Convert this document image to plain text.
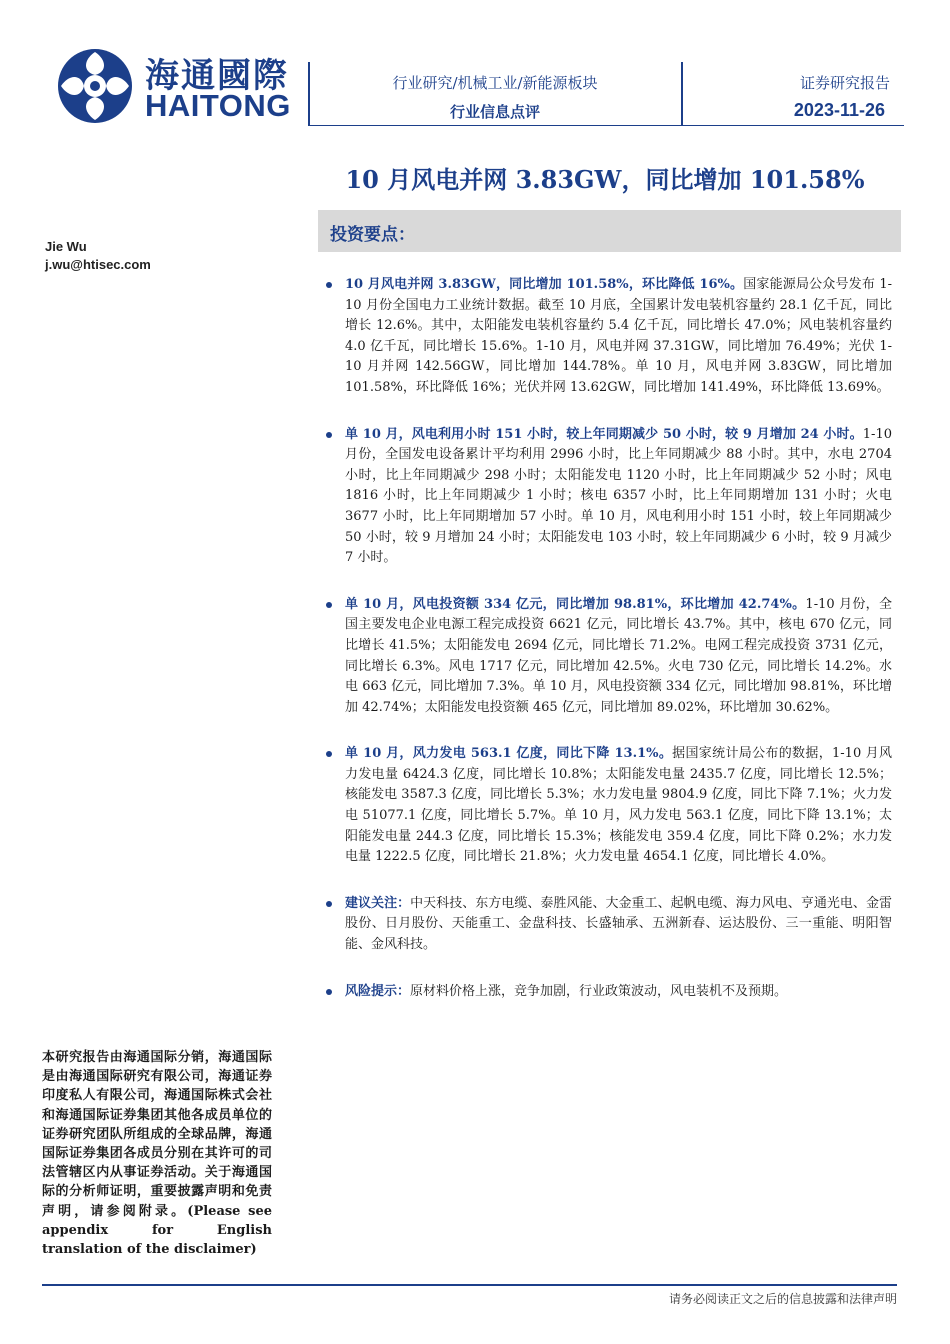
海通國際
HAITONG
行业研究/机械工业/新能源板块
行业信息点评
证券研究报告
2023-11-26
10 月风电并网 3.83GW，同比增加 101.58%
投资要点：
Jie Wu
j.wu@htisec.com
10 月风电并网 3.83GW，同比增加 101.58%，环比降低 16%。国家能源局公众号发布 1-10 月份全国电力工业统计数据。截至 10 月底，全国累计发电装机容量约 28.1 亿千瓦，同比增长 12.6%。其中，太阳能发电装机容量约 5.4 亿千瓦，同比增长 47.0%；风电装机容量约 4.0 亿千瓦，同比增长 15.6%。1-10 月，风电并网 37.31GW，同比增加 76.49%；光伏 1-10 月并网 142.56GW，同比增加 144.78%。单 10 月，风电并网 3.83GW，同比增加 101.58%，环比降低 16%；光伏并网 13.62GW，同比增加 141.49%，环比降低 13.69%。
单 10 月，风电利用小时 151 小时，较上年同期减少 50 小时，较 9 月增加 24 小时。1-10 月份，全国发电设备累计平均利用 2996 小时，比上年同期减少 88 小时。其中，水电 2704 小时，比上年同期减少 298 小时；太阳能发电 1120 小时，比上年同期减少 52 小时；风电 1816 小时，比上年同期减少 1 小时；核电 6357 小时，比上年同期增加 131 小时；火电 3677 小时，比上年同期增加 57 小时。单 10 月，风电利用小时 151 小时，较上年同期减少 50 小时，较 9 月增加 24 小时；太阳能发电 103 小时，较上年同期减少 6 小时，较 9 月减少 7 小时。
单 10 月，风电投资额 334 亿元，同比增加 98.81%，环比增加 42.74%。1-10 月份，全国主要发电企业电源工程完成投资 6621 亿元，同比增长 43.7%。其中，核电 670 亿元，同比增长 41.5%；太阳能发电 2694 亿元，同比增长 71.2%。电网工程完成投资 3731 亿元，同比增长 6.3%。风电 1717 亿元，同比增加 42.5%。火电 730 亿元，同比增长 14.2%。水电 663 亿元，同比增加 7.3%。单 10 月，风电投资额 334 亿元，同比增加 98.81%，环比增加 42.74%；太阳能发电投资额 465 亿元，同比增加 89.02%，环比增加 30.62%。
单 10 月，风力发电 563.1 亿度，同比下降 13.1%。据国家统计局公布的数据，1-10 月风力发电量 6424.3 亿度，同比增长 10.8%；太阳能发电量 2435.7 亿度，同比增长 12.5%；核能发电 3587.3 亿度，同比增长 5.3%；水力发电量 9804.9 亿度，同比下降 7.1%；火力发电 51077.1 亿度，同比增长 5.7%。单 10 月，风力发电 563.1 亿度，同比下降 13.1%；太阳能发电量 244.3 亿度，同比增长 15.3%；核能发电 359.4 亿度，同比下降 0.2%；水力发电量 1222.5 亿度，同比增长 21.8%；火力发电量 4654.1 亿度，同比增长 4.0%。
建议关注：中天科技、东方电缆、泰胜风能、大金重工、起帆电缆、海力风电、亨通光电、金雷股份、日月股份、天能重工、金盘科技、长盛轴承、五洲新春、运达股份、三一重能、明阳智能、金风科技。
风险提示：原材料价格上涨，竞争加剧，行业政策波动，风电装机不及预期。
本研究报告由海通国际分销，海通国际是由海通国际研究有限公司，海通证券印度私人有限公司，海通国际株式会社和海通国际证券集团其他各成员单位的证券研究团队所组成的全球品牌，海通国际证券集团各成员分别在其许可的司法管辖区内从事证券活动。关于海通国际的分析师证明，重要披露声明和免责声明，请参阅附录。(Please see appendix for English translation of the disclaimer)
请务必阅读正文之后的信息披露和法律声明
